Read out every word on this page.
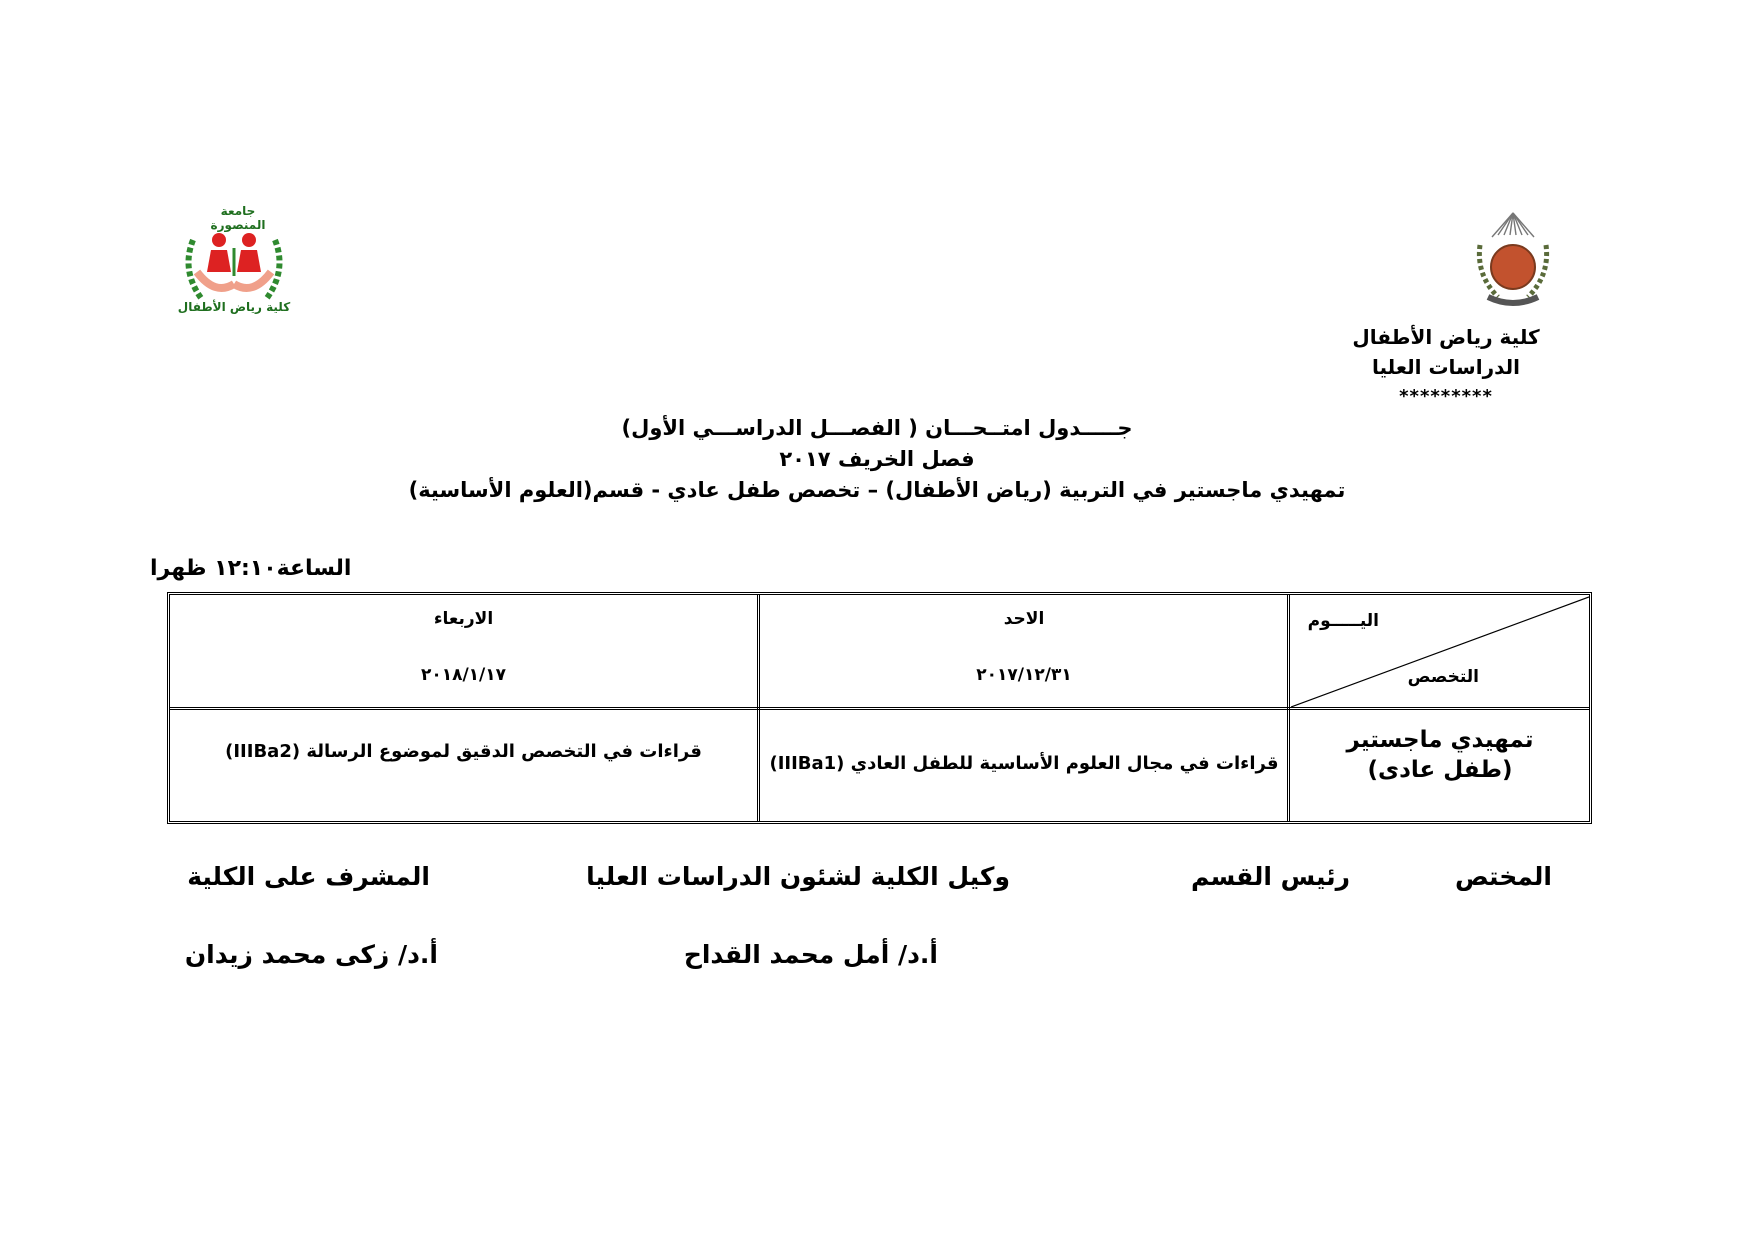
كلية رياض الأطفال
الدراسات العليا
*********
جامعة المنصورة
كلية رياض الأطفال
جـــــدول امتــحـــان ( الفصـــل الدراســـي الأول)
فصل الخريف ٢٠١٧
تمهيدي ماجستير في التربية (رياض الأطفال) – تخصص طفل عادي - قسم(العلوم الأساسية)
الساعة١٢:١٠ ظهرا
اليـــــوم
التخصص
الاحد
٢٠١٧/١٢/٣١
الاربعاء
٢٠١٨/١/١٧
تمهيدي ماجستير
(طفل عادى)
قراءات في مجال العلوم الأساسية للطفل العادي (IIIBa1)
قراءات في التخصص الدقيق لموضوع الرسالة (IIIBa2)
المختص
رئيس القسم
وكيل الكلية لشئون الدراسات العليا
المشرف على الكلية
أ.د/ أمل محمد القداح
أ.د/ زكى محمد زيدان
